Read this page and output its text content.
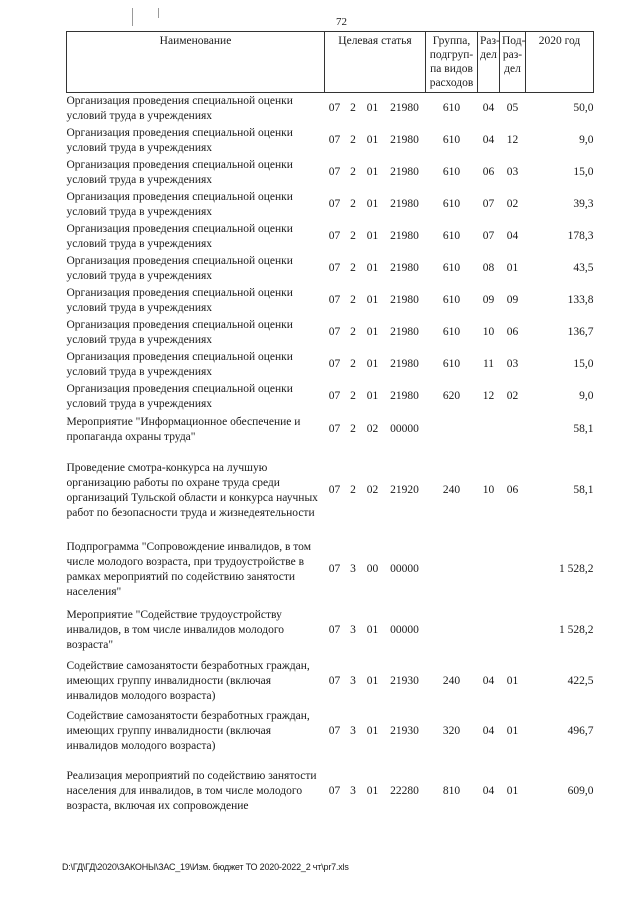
72
Наименование	Целевая статья				Группа, подгруп- па видов расходов	Раз- дел	Под- раз- дел	2020 год
Организация проведения специальной оценки условий труда в учреждениях	07	2	01	21980	610	04	05	50,0
Организация проведения специальной оценки условий труда в учреждениях	07	2	01	21980	610	04	12	9,0
Организация проведения специальной оценки условий труда в учреждениях	07	2	01	21980	610	06	03	15,0
Организация проведения специальной оценки условий труда в учреждениях	07	2	01	21980	610	07	02	39,3
Организация проведения специальной оценки условий труда в учреждениях	07	2	01	21980	610	07	04	178,3
Организация проведения специальной оценки условий труда в учреждениях	07	2	01	21980	610	08	01	43,5
Организация проведения специальной оценки условий труда в учреждениях	07	2	01	21980	610	09	09	133,8
Организация проведения специальной оценки условий труда в учреждениях	07	2	01	21980	610	10	06	136,7
Организация проведения специальной оценки условий труда в учреждениях	07	2	01	21980	610	11	03	15,0
Организация проведения специальной оценки условий труда в учреждениях	07	2	01	21980	620	12	02	9,0
Мероприятие "Информационное обеспечение и пропаганда охраны труда"	07	2	02	00000				58,1
Проведение смотра-конкурса на лучшую организацию работы по охране труда среди организаций Тульской области и конкурса научных работ по безопасности труда и жизнедеятельности	07	2	02	21920	240	10	06	58,1
Подпрограмма "Сопровождение инвалидов, в том числе молодого возраста, при трудоустройстве в рамках мероприятий по содействию занятости населения"	07	3	00	00000				1 528,2
Мероприятие "Содействие трудоустройству инвалидов, в том числе инвалидов молодого возраста"	07	3	01	00000				1 528,2
Содействие самозанятости безработных граждан, имеющих группу инвалидности (включая инвалидов молодого возраста)	07	3	01	21930	240	04	01	422,5
Содействие самозанятости безработных граждан, имеющих группу инвалидности (включая инвалидов молодого возраста)	07	3	01	21930	320	04	01	496,7
Реализация мероприятий по содействию занятости населения для инвалидов, в том числе молодого возраста, включая их сопровождение	07	3	01	22280	810	04	01	609,0
D:\ГД\ГД\2020\ЗАКОНЫ\ЗАС_19\Изм. бюджет ТО 2020-2022_2 чт\pr7.xls
